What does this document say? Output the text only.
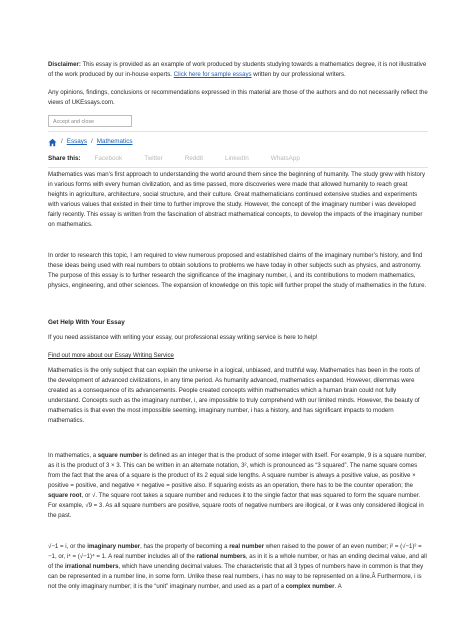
Disclaimer: This essay is provided as an example of work produced by students studying towards a mathematics degree, it is not illustrative of the work produced by our in-house experts. Click here for sample essays written by our professional writers.
Any opinions, findings, conclusions or recommendations expressed in this material are those of the authors and do not necessarily reflect the views of UKEssays.com.
Accept and close
/ Essays / Mathematics
Share this: Facebook	Twitter	Reddit	LinkedIn	WhatsApp
Mathematics was man’s first approach to understanding the world around them since the beginning of humanity. The study grew with history in various forms with every human civilization, and as time passed, more discoveries were made that allowed humanity to reach great heights in agriculture, architecture, social structure, and their culture. Great mathematicians continued extensive studies and experiments with various values that existed in their time to further improve the study. However, the concept of the imaginary number i was developed fairly recently. This essay is written from the fascination of abstract mathematical concepts, to develop the impacts of the imaginary number on mathematics.
In order to research this topic, I am required to view numerous proposed and established claims of the imaginary number’s history, and find these ideas being used with real numbers to obtain solutions to problems we have today in other subjects such as physics, and astronomy. The purpose of this essay is to further research the significance of the imaginary number, i, and its contributions to modern mathematics, physics, engineering, and other sciences. The expansion of knowledge on this topic will further propel the study of mathematics in the future.
Get Help With Your Essay
If you need assistance with writing your essay, our professional essay writing service is here to help!
Find out more about our Essay Writing Service
Mathematics is the only subject that can explain the universe in a logical, unbiased, and truthful way. Mathematics has been in the roots of the development of advanced civilizations, in any time period. As humanity advanced, mathematics expanded. However, dilemmas were created as a consequence of its advancements. People created concepts within mathematics which a human brain could not fully understand. Concepts such as the imaginary number, i, are impossible to truly comprehend with our limited minds. However, the beauty of mathematics is that even the most impossible seeming, imaginary number, i has a history, and has significant impacts to modern mathematics.
In mathematics, a square number is defined as an integer that is the product of some integer with itself. For example, 9 is a square number, as it is the product of 3 × 3. This can be written in an alternate notation, 3², which is pronounced as “3 squared”. The name square comes from the fact that the area of a square is the product of its 2 equal side lengths. A square number is always a positive value, as positive × positive = positive, and negative × negative = positive also. If squaring exists as an operation, there has to be the counter operation; the square root, or √. The square root takes a square number and reduces it to the single factor that was squared to form the square number. For example, √9 = 3. As all square numbers are positive, square roots of negative numbers are illogical, or it was only considered illogical in the past.
√−1 = i, or the imaginary number, has the property of becoming a real number when raised to the power of an even number; i² = (√−1)² = −1, or, i⁴ = (√−1)⁴ = 1. A real number includes all of the rational numbers, as in it is a whole number, or has an ending decimal value, and all of the irrational numbers, which have unending decimal values. The characteristic that all 3 types of numbers have in common is that they can be represented in a number line, in some form. Unlike these real numbers, i has no way to be represented on a line.Â Furthermore, i is not the only imaginary number; it is the “unit” imaginary number, and used as a part of a complex number. A
